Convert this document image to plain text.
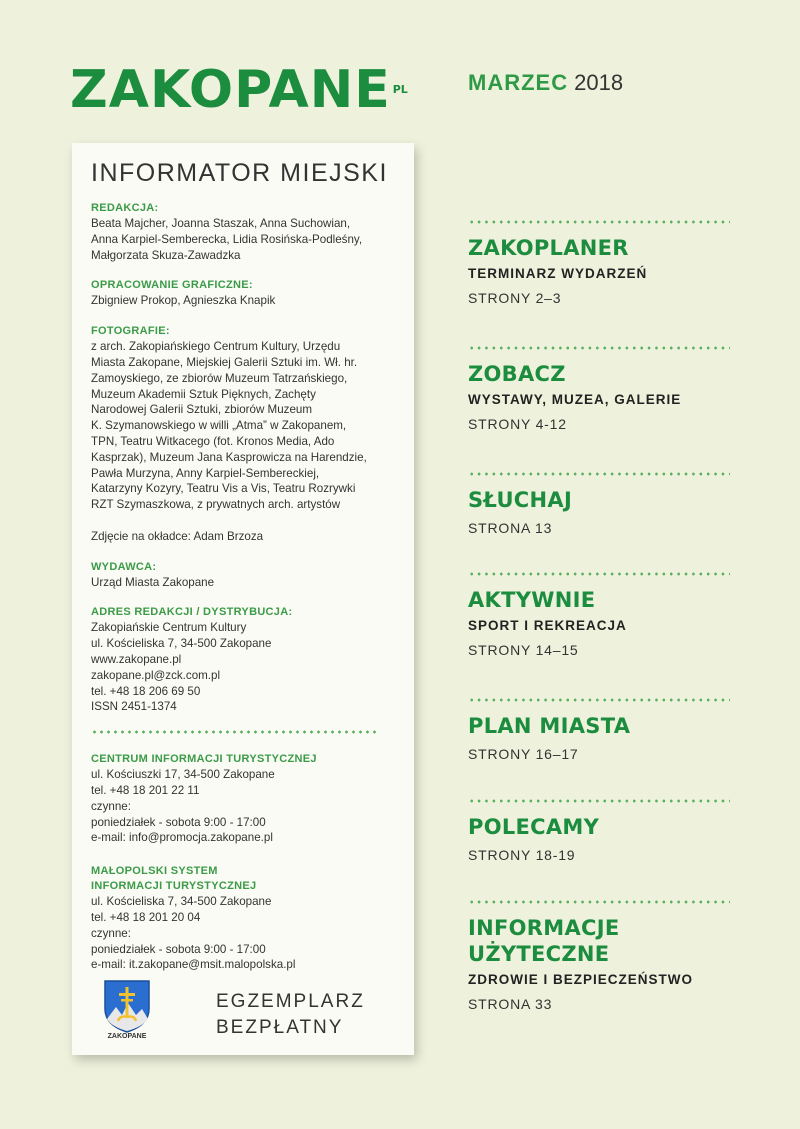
ZAKOPANE PL	MARZEC 2018
INFORMATOR MIEJSKI
REDAKCJA:
Beata Majcher, Joanna Staszak, Anna Suchowian,
Anna Karpiel-Semberecka, Lidia Rosińska-Podleśny,
Małgorzata Skuza-Zawadzka
OPRACOWANIE GRAFICZNE:
Zbigniew Prokop, Agnieszka Knapik
FOTOGRAFIE:
z arch. Zakopiańskiego Centrum Kultury, Urzędu
Miasta Zakopane, Miejskiej Galerii Sztuki im. Wł. hr.
Zamoyskiego, ze zbiorów Muzeum Tatrzańskiego,
Muzeum Akademii Sztuk Pięknych, Zachęty
Narodowej Galerii Sztuki, zbiorów Muzeum
K. Szymanowskiego w willi „Atma” w Zakopanem,
TPN, Teatru Witkacego (fot. Kronos Media, Ado
Kasprzak), Muzeum Jana Kasprowicza na Harendzie,
Pawła Murzyna, Anny Karpiel-Sembereckiej,
Katarzyny Kozyry, Teatru Vis a Vis, Teatru Rozrywki
RZT Szymaszkowa, z prywatnych arch. artystów

Zdjęcie na okładce: Adam Brzoza
WYDAWCA:
Urząd Miasta Zakopane
ADRES REDAKCJI / DYSTRYBUCJA:
Zakopiańskie Centrum Kultury
ul. Kościeliska 7, 34-500 Zakopane
www.zakopane.pl
zakopane.pl@zck.com.pl
tel. +48 18 206 69 50
ISSN 2451-1374
CENTRUM INFORMACJI TURYSTYCZNEJ
ul. Kościuszki 17, 34-500 Zakopane
tel. +48 18 201 22 11
czynne:
poniedziałek - sobota 9:00 - 17:00
e-mail: info@promocja.zakopane.pl
MAŁOPOLSKI SYSTEM
INFORMACJI TURYSTYCZNEJ
ul. Kościeliska 7, 34-500 Zakopane
tel. +48 18 201 20 04
czynne:
poniedziałek - sobota 9:00 - 17:00
e-mail: it.zakopane@msit.malopolska.pl
ZAKOPANE
EGZEMPLARZ
BEZPŁATNY
ZAKOPLANER
TERMINARZ WYDARZEŃ
STRONY 2–3
ZOBACZ
WYSTAWY, MUZEA, GALERIE
STRONY 4-12
SŁUCHAJ
STRONA 13
AKTYWNIE
SPORT I REKREACJA
STRONY 14–15
PLAN MIASTA
STRONY 16–17
POLECAMY
STRONY 18-19
INFORMACJE
UŻYTECZNE
ZDROWIE I BEZPIECZEŃSTWO
STRONA 33
